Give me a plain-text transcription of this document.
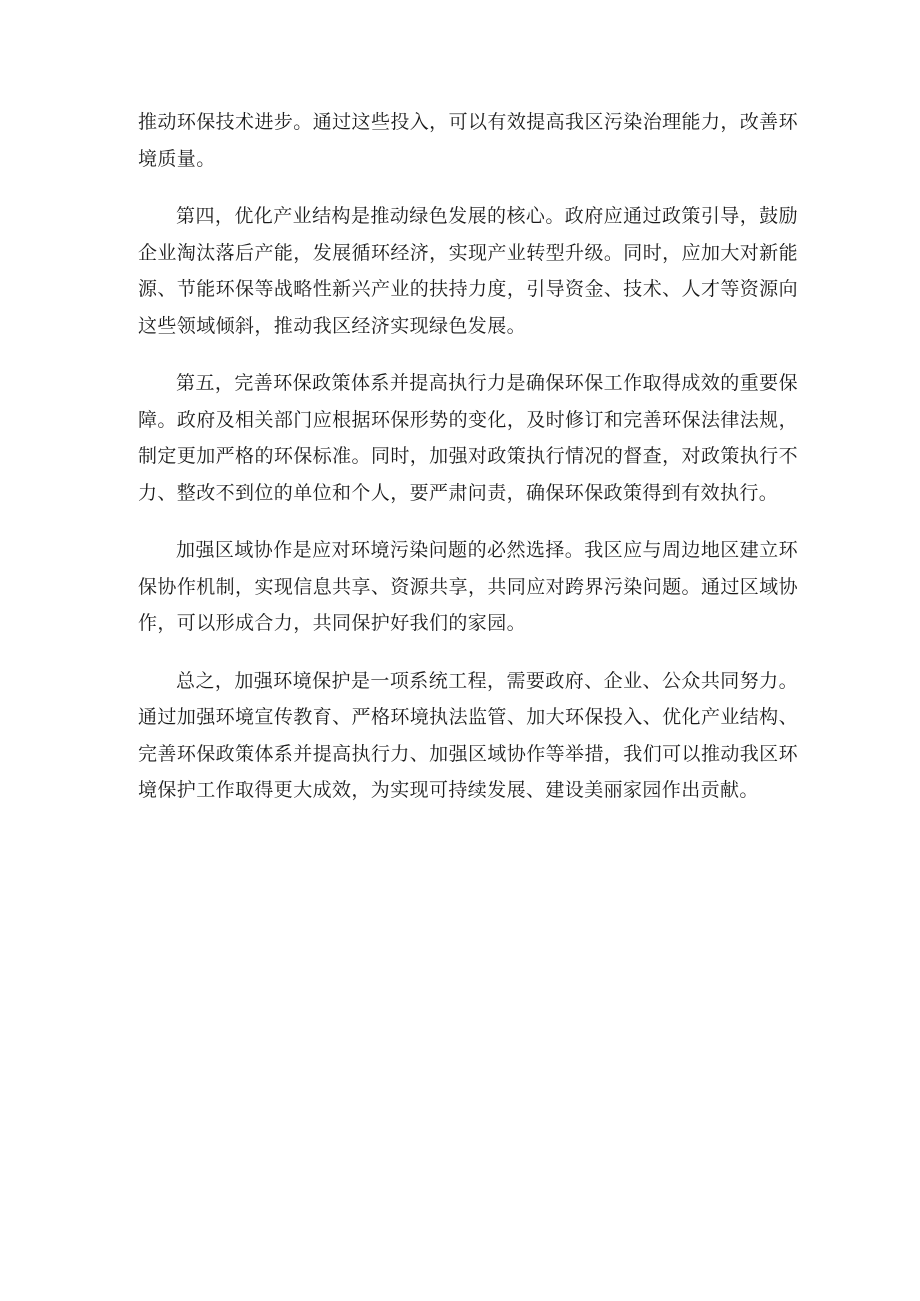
推动环保技术进步。通过这些投入，可以有效提高我区污染治理能力，改善环境质量。

第四，优化产业结构是推动绿色发展的核心。政府应通过政策引导，鼓励企业淘汰落后产能，发展循环经济，实现产业转型升级。同时，应加大对新能源、节能环保等战略性新兴产业的扶持力度，引导资金、技术、人才等资源向这些领域倾斜，推动我区经济实现绿色发展。

第五，完善环保政策体系并提高执行力是确保环保工作取得成效的重要保障。政府及相关部门应根据环保形势的变化，及时修订和完善环保法律法规，制定更加严格的环保标准。同时，加强对政策执行情况的督查，对政策执行不力、整改不到位的单位和个人，要严肃问责，确保环保政策得到有效执行。

加强区域协作是应对环境污染问题的必然选择。我区应与周边地区建立环保协作机制，实现信息共享、资源共享，共同应对跨界污染问题。通过区域协作，可以形成合力，共同保护好我们的家园。

总之，加强环境保护是一项系统工程，需要政府、企业、公众共同努力。通过加强环境宣传教育、严格环境执法监管、加大环保投入、优化产业结构、完善环保政策体系并提高执行力、加强区域协作等举措，我们可以推动我区环境保护工作取得更大成效，为实现可持续发展、建设美丽家园作出贡献。
